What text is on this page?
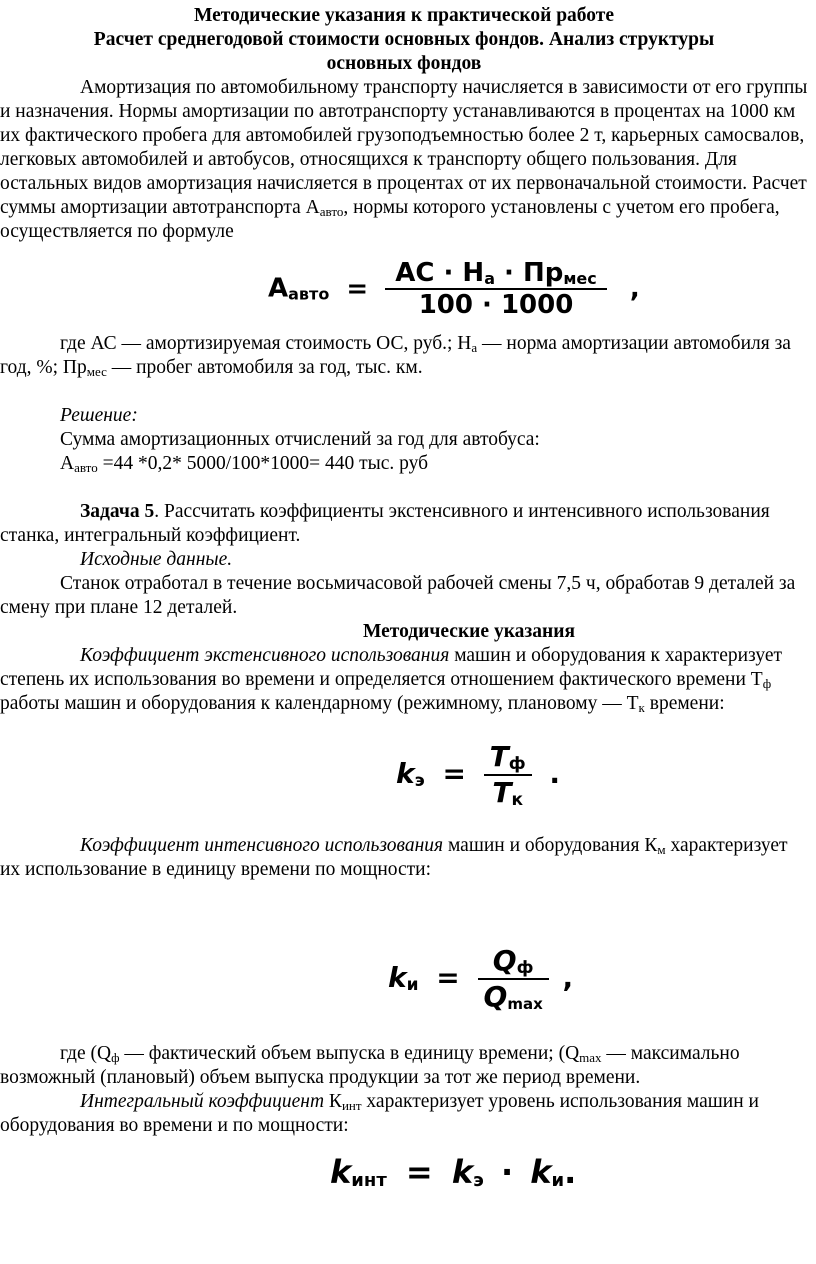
Методические указания к практической работе

Расчет среднегодовой стоимости основных фондов. Анализ структуры

основных фондов

Амортизация по автомобильному транспорту начисляется в зависимости от его группы и назначения. Нормы амортизации по автотранспорту устанавливаются в процентах на 1000 км их фактического пробега для автомобилей грузоподъемностью более 2 т, карьерных самосвалов, легковых автомобилей и автобусов, относящихся к транспорту общего пользования. Для остальных видов амортизация начисляется в процентах от их первоначальной стоимости. Расчет суммы амортизации автотранспорта $А_{авто}$, нормы которого установлены с учетом его пробега, осуществляется по формуле

$А_{авто} = \frac{АС \cdot Н_а \cdot Пр_{мес}}{100 \cdot 1000}$ ,

где АС — амортизируемая стоимость ОС, руб.; $Н_а$ — норма амортизации автомобиля за год, %; $Пр_{мес}$ — пробег автомобиля за год, тыс. км.

Решение:

Сумма амортизационных отчислений за год для автобуса:

$А_{авто} =44$ *0,2* 5000/100*1000= 440 тыс. руб

Задача 5. Рассчитать коэффициенты экстенсивного и интенсивного использования станка, интегральный коэффициент.

Исходные данные.

Станок отработал в течение восьмичасовой рабочей смены 7,5 ч, обработав 9 деталей за смену при плане 12 деталей.

Методические указания

Коэффициент экстенсивного использования машин и оборудования к характеризует степень их использования во времени и определяется отношением фактического времени $Т_ф$ работы машин и оборудования к календарному (режимному, плановому — $Т_к$ времени:

$k_э = \frac{T_ф}{T_к}$ .

Коэффициент интенсивного использования машин и оборудования $К_м$ характеризует их использование в единицу времени по мощности:

$k_и = \frac{Q_ф}{Q_{max}}$ ,

где ($Q_ф$ — фактический объем выпуска в единицу времени; ($Q_{max}$ — максимально возможный (плановый) объем выпуска продукции за тот же период времени.

Интегральный коэффициент $К_{инт}$ характеризует уровень использования машин и оборудования во времени и по мощности:

$k_{инт} = k_э \cdot k_и$.
